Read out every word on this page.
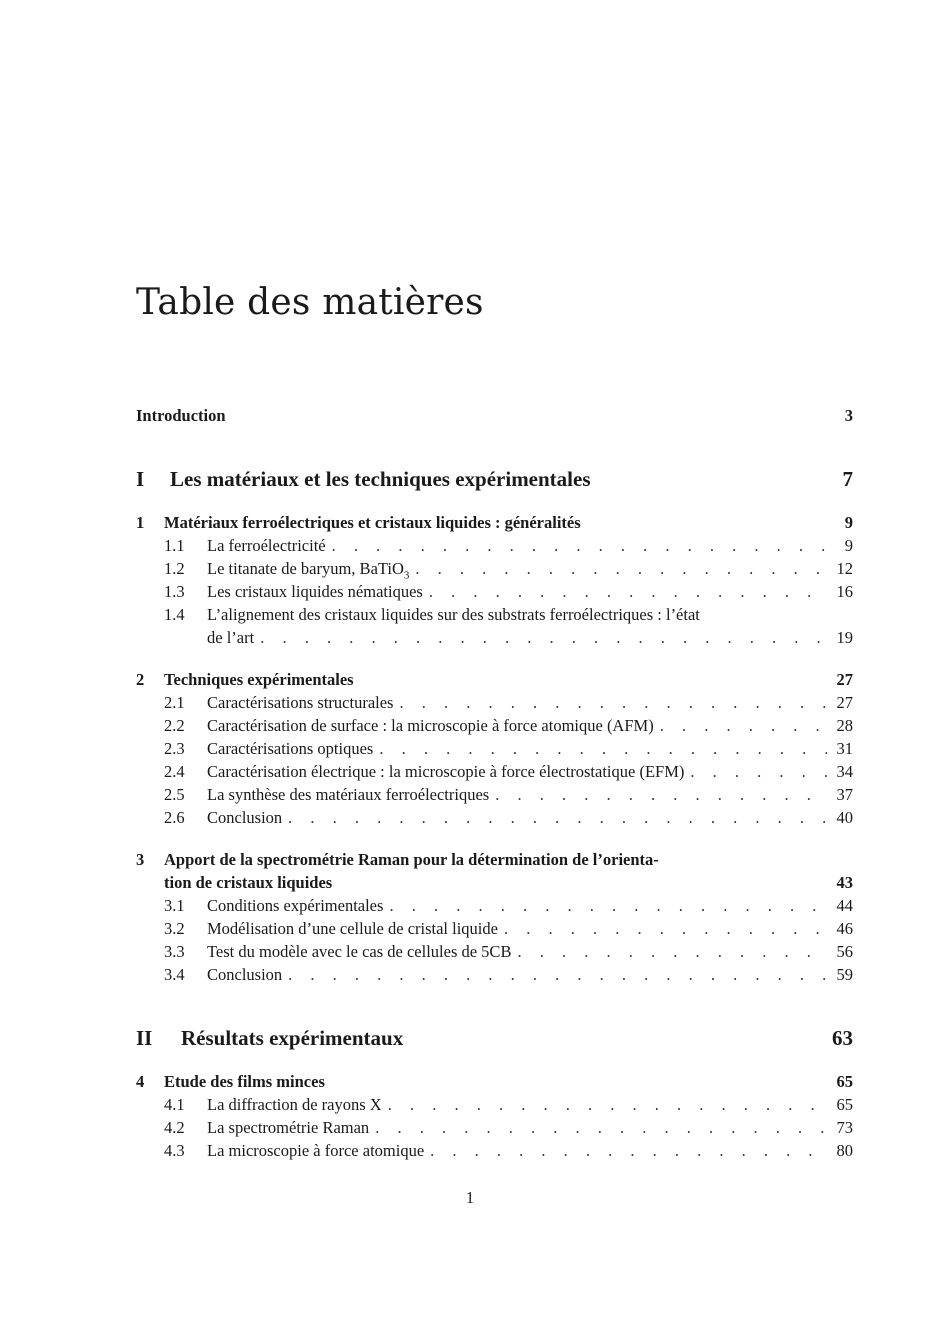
Table des matières
Introduction	3
I	Les matériaux et les techniques expérimentales	7
1	Matériaux ferroélectriques et cristaux liquides : généralités	9
1.1	La ferroélectricité . . .	9
1.2	Le titanate de baryum, BaTiO$_3$ . . .	12
1.3	Les cristaux liquides nématiques . . .	16
1.4	L’alignement des cristaux liquides sur des substrats ferroélectriques : l’état
de l’art . . .	19
2	Techniques expérimentales	27
2.1	Caractérisations structurales . . .	27
2.2	Caractérisation de surface : la microscopie à force atomique (AFM) . . .	28
2.3	Caractérisations optiques . . .	31
2.4	Caractérisation électrique : la microscopie à force électrostatique (EFM) . . .	34
2.5	La synthèse des matériaux ferroélectriques . . .	37
2.6	Conclusion . . .	40
3	Apport de la spectrométrie Raman pour la détermination de l’orienta-
tion de cristaux liquides	43
3.1	Conditions expérimentales . . .	44
3.2	Modélisation d’une cellule de cristal liquide . . .	46
3.3	Test du modèle avec le cas de cellules de 5CB . . .	56
3.4	Conclusion . . .	59
II	Résultats expérimentaux	63
4	Etude des films minces	65
4.1	La diffraction de rayons X . . .	65
4.2	La spectrométrie Raman . . .	73
4.3	La microscopie à force atomique . . .	80
1
